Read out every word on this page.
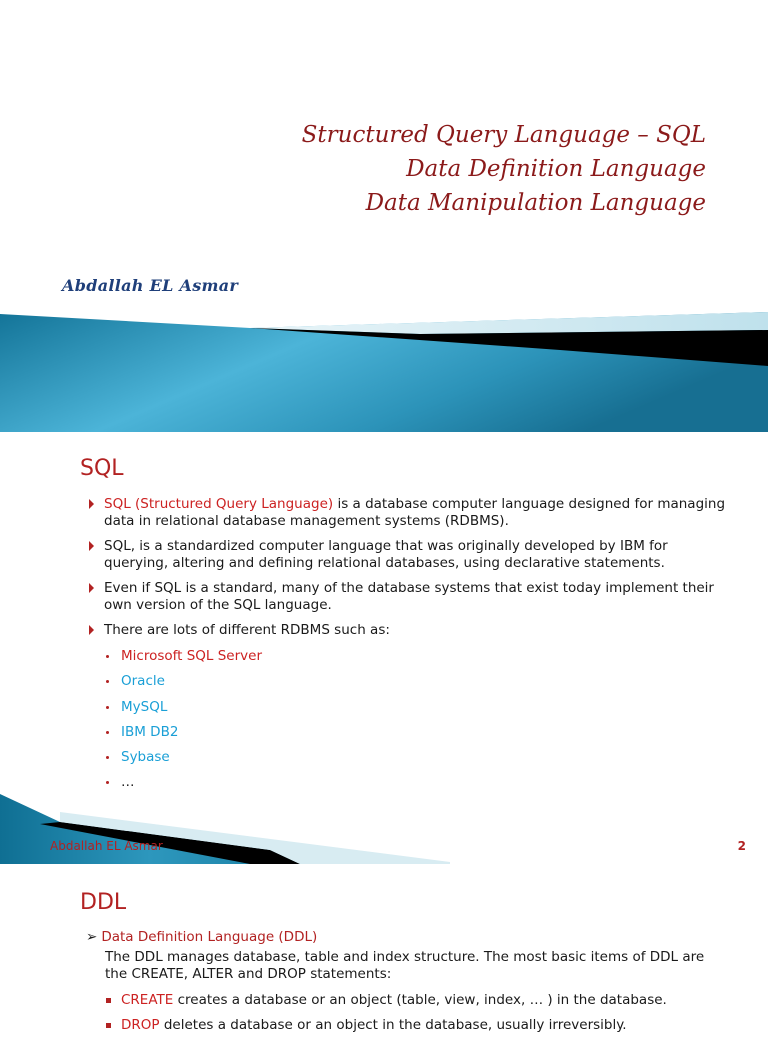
Structured Query Language – SQL
Data Definition Language
Data Manipulation Language
Abdallah EL Asmar
SQL
SQL (Structured Query Language) is a database computer language designed for managing data in relational database management systems (RDBMS).
SQL, is a standardized computer language that was originally developed by IBM for querying, altering and defining relational databases, using declarative statements.
Even if SQL is a standard, many of the database systems that exist today implement their own version of the SQL language.
There are lots of different RDBMS such as:
Microsoft SQL Server
Oracle
MySQL
IBM DB2
Sybase
…
Abdallah EL Asmar	2
DDL
➢ Data Definition Language (DDL)
The DDL manages database, table and index structure. The most basic items of DDL are the CREATE, ALTER and DROP statements:
CREATE creates a database or an object (table, view, index, … ) in the database.
DROP deletes a database or an object in the database, usually irreversibly.
